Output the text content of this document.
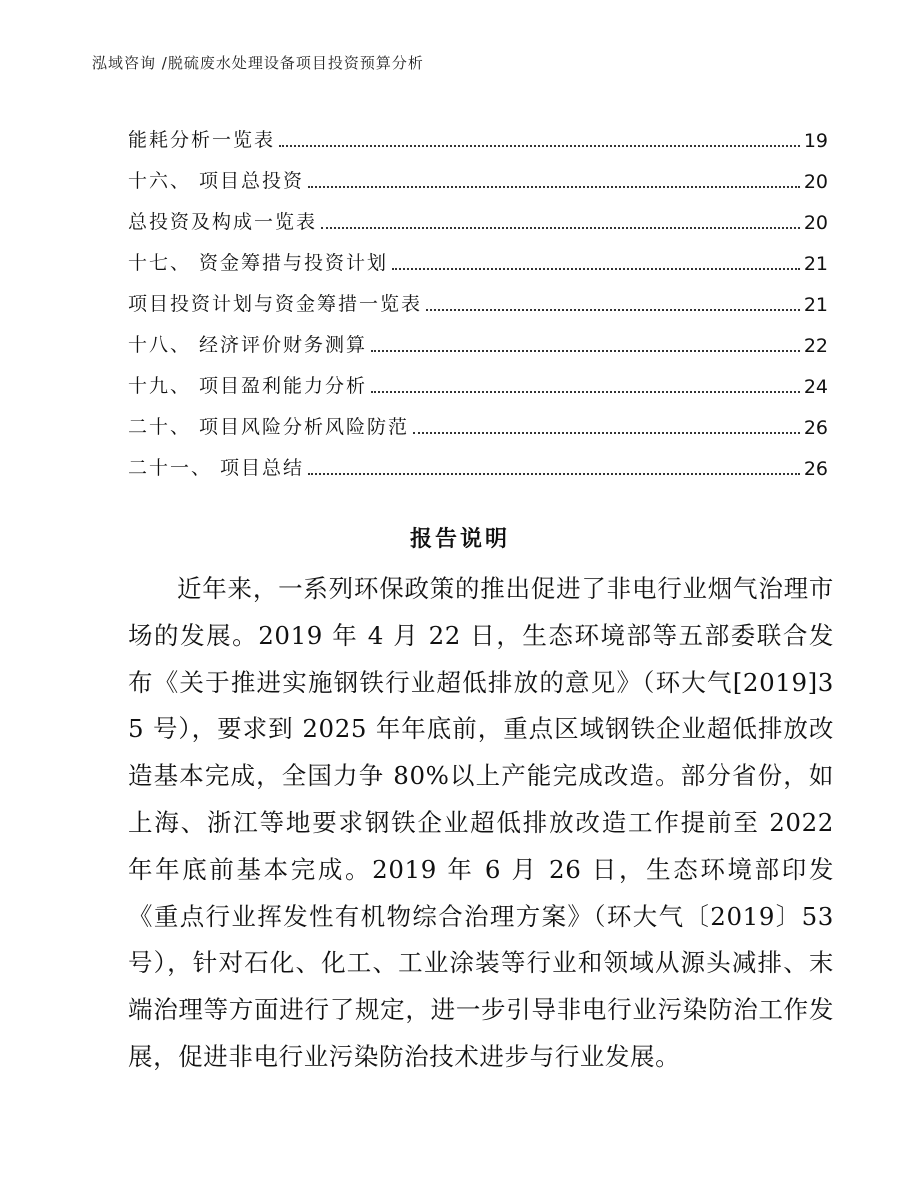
泓域咨询 /脱硫废水处理设备项目投资预算分析
能耗分析一览表	19
十六、 项目总投资	20
总投资及构成一览表	20
十七、 资金筹措与投资计划	21
项目投资计划与资金筹措一览表	21
十八、 经济评价财务测算	22
十九、 项目盈利能力分析	24
二十、 项目风险分析风险防范	26
二十一、 项目总结	26
报告说明

近年来，一系列环保政策的推出促进了非电行业烟气治理市场的发展。2019 年 4 月 22 日，生态环境部等五部委联合发布《关于推进实施钢铁行业超低排放的意见》（环大气[2019]35 号），要求到 2025 年年底前，重点区域钢铁企业超低排放改造基本完成，全国力争 80%以上产能完成改造。部分省份，如上海、浙江等地要求钢铁企业超低排放改造工作提前至 2022 年年底前基本完成。2019 年 6 月 26 日，生态环境部印发《重点行业挥发性有机物综合治理方案》（环大气〔2019〕53 号），针对石化、化工、工业涂装等行业和领域从源头减排、末端治理等方面进行了规定，进一步引导非电行业污染防治工作发展，促进非电行业污染防治技术进步与行业发展。
